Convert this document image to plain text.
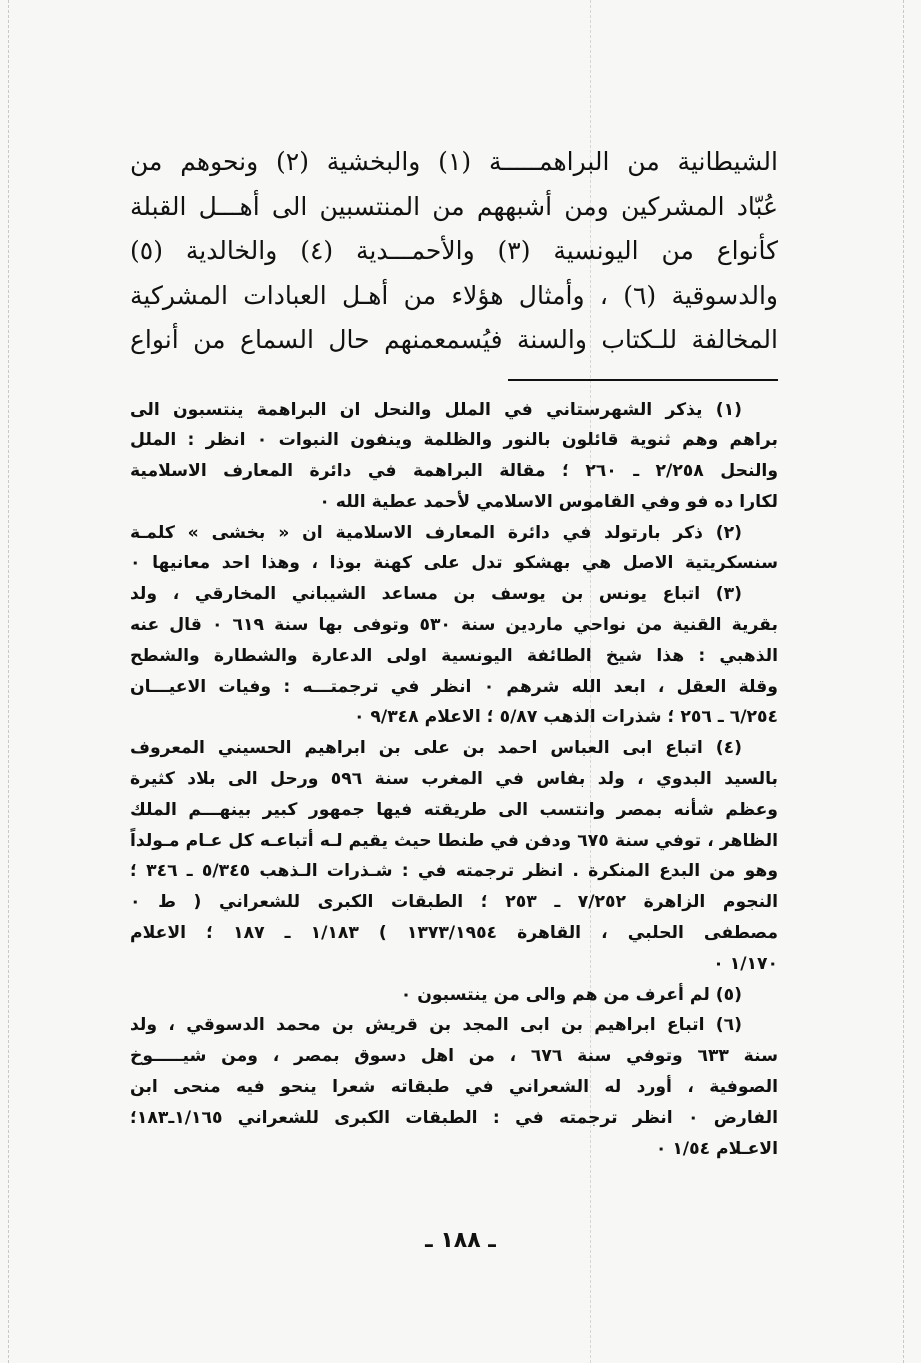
الشيطانية من البراهمـــــة (١) والبخشية (٢) ونحوهم من
عُبّاد المشركين ومن أشبههم من المنتسبين الى أهـــل القبلة
كأنواع من اليونسية (٣) والأحمـــدية (٤) والخالدية (٥)
والدسوقية (٦) ، وأمثال هؤلاء من أهـل العبادات المشركية
المخالفة للـكتاب والسنة فيُسمعمنهم حال السماع من أنواع
(١) يذكر الشهرستاني في الملل والنحل ان البراهمة ينتسبون الى
براهم وهم ثنوية قائلون بالنور والظلمة وينفون النبوات ٠ انظر : الملل
والنحل ٢/٢٥٨ ـ ٢٦٠ ؛ مقالة البراهمة في دائرة المعارف الاسلامية
لكارا ده فو وفي القاموس الاسلامي لأحمد عطية الله ٠
(٢) ذكر بارتولد في دائرة المعارف الاسلامية ان « بخشى » كلمـة
سنسكريتية الاصل هي بهشكو تدل على كهنة بوذا ، وهذا احد معانيها ٠
(٣) اتباع يونس بن يوسف بن مساعد الشيباني المخارقي ، ولد
بقرية القنية من نواحي ماردين سنة ٥٣٠ وتوفى بها سنة ٦١٩ ٠ قال عنه
الذهبي : هذا شيخ الطائفة اليونسية اولى الدعارة والشطارة والشطح
وقلة العقل ، ابعد الله شرهم ٠ انظر في ترجمتـــه : وفيات الاعيـــان
٦/٢٥٤ ـ ٢٥٦ ؛ شذرات الذهب ٥/٨٧ ؛ الاعلام ٩/٣٤٨ ٠
(٤) اتباع ابى العباس احمد بن على بن ابراهيم الحسيني المعروف
بالسيد البدوي ، ولد بفاس في المغرب سنة ٥٩٦ ورحل الى بلاد كثيرة
وعظم شأنه بمصر وانتسب الى طريقته فيها جمهور كبير بينهـــم الملك
الظاهر ، توفي سنة ٦٧٥ ودفن في طنطا حيث يقيم لـه أتباعـه كل عـام مـولداً
وهو من البدع المنكرة . انظر ترجمته في : شـذرات الـذهب ٥/٣٤٥ ـ ٣٤٦ ؛
النجوم الزاهرة ٧/٢٥٢ ـ ٢٥٣ ؛ الطبقات الكبرى للشعراني ( ط ٠
مصطفى الحلبي ، القاهرة ١٣٧٣/١٩٥٤ ) ١/١٨٣ ـ ١٨٧ ؛ الاعلام
١/١٧٠ ٠
(٥) لم أعرف من هم والى من ينتسبون ٠
(٦) اتباع ابراهيم بن ابى المجد بن قريش بن محمد الدسوقي ، ولد
سنة ٦٣٣ وتوفي سنة ٦٧٦ ، من اهل دسوق بمصر ، ومن شيـــــوخ
الصوفية ، أورد له الشعراني في طبقاته شعرا ينحو فيه منحى ابن
الفارض ٠ انظر ترجمته في : الطبقات الكبرى للشعراني ١/١٦٥ـ١٨٣؛
الاعـلام ١/٥٤ ٠
ـ ١٨٨ ـ
